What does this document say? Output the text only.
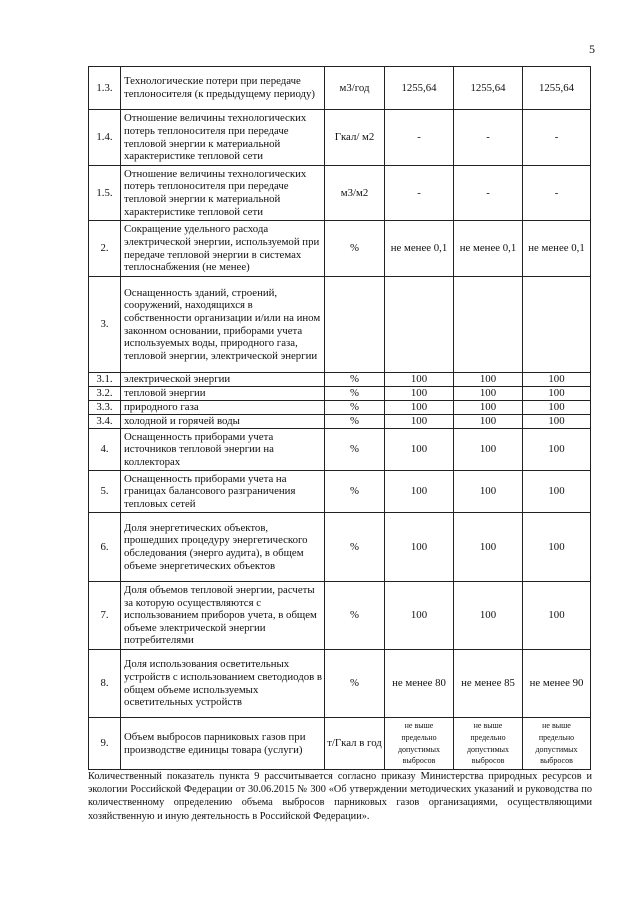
5
1.3.	Технологические потери при передаче теплоносителя (к предыдущему периоду)	м3/год	1255,64	1255,64	1255,64
1.4.	Отношение величины технологических потерь теплоносителя при передаче тепловой энергии к материальной характеристике тепловой сети	Гкал/ м2	-	-	-
1.5.	Отношение величины технологических потерь теплоносителя при передаче тепловой энергии к материальной характеристике тепловой сети	м3/м2	-	-	-
2.	Сокращение удельного расхода электрической энергии, используемой при передаче тепловой энергии в системах теплоснабжения (не менее)	%	не менее 0,1	не менее 0,1	не менее 0,1
3.	Оснащенность зданий, строений, сооружений, находящихся в собственности организации и/или на ином законном основании, приборами учета используемых воды, природного газа, тепловой энергии, электрической энергии				
3.1.	электрической энергии	%	100	100	100
3.2.	тепловой энергии	%	100	100	100
3.3.	природного газа	%	100	100	100
3.4.	холодной и горячей воды	%	100	100	100
4.	Оснащенность приборами учета источников тепловой энергии на коллекторах	%	100	100	100
5.	Оснащенность приборами учета на границах балансового разграничения тепловых сетей	%	100	100	100
6.	Доля энергетических объектов, прошедших процедуру энергетического обследования (энерго аудита), в общем объеме энергетических объектов	%	100	100	100
7.	Доля объемов тепловой энергии, расчеты за которую осуществляются с использованием приборов учета, в общем объеме электрической энергии потребителями	%	100	100	100
8.	Доля использования осветительных устройств с использованием светодиодов в общем объеме используемых осветительных устройств	%	не менее 80	не менее 85	не менее 90
9.	Объем выбросов парниковых газов при производстве единицы товара (услуги)	т/Гкал в год	не выше предельно допустимых выбросов	не выше предельно допустимых выбросов	не выше предельно допустимых выбросов
Количественный показатель пункта 9 рассчитывается согласно приказу Министерства природных ресурсов и экологии Российской Федерации от 30.06.2015 № 300 «Об утверждении методических указаний и руководства по количественному определению объема выбросов парниковых газов организациями, осуществляющими хозяйственную и иную деятельность в Российской Федерации».
